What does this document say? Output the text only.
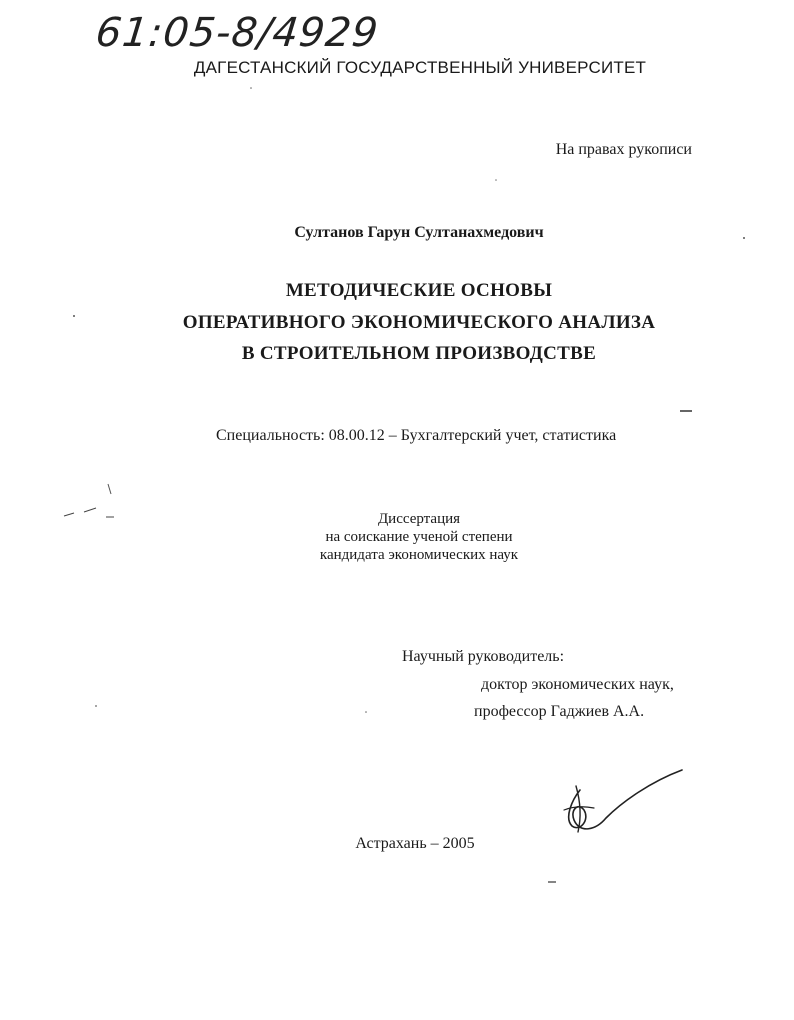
61:05-8/4929
ДАГЕСТАНСКИЙ ГОСУДАРСТВЕННЫЙ УНИВЕРСИТЕТ
На правах рукописи
Султанов Гарун Султанахмедович
МЕТОДИЧЕСКИЕ ОСНОВЫ
ОПЕРАТИВНОГО ЭКОНОМИЧЕСКОГО АНАЛИЗА
В СТРОИТЕЛЬНОМ ПРОИЗВОДСТВЕ
Специальность: 08.00.12 – Бухгалтерский учет, статистика
Диссертация
на соискание ученой степени
кандидата экономических наук
Научный руководитель:
доктор экономических наук,
профессор Гаджиев А.А.
Астрахань – 2005
